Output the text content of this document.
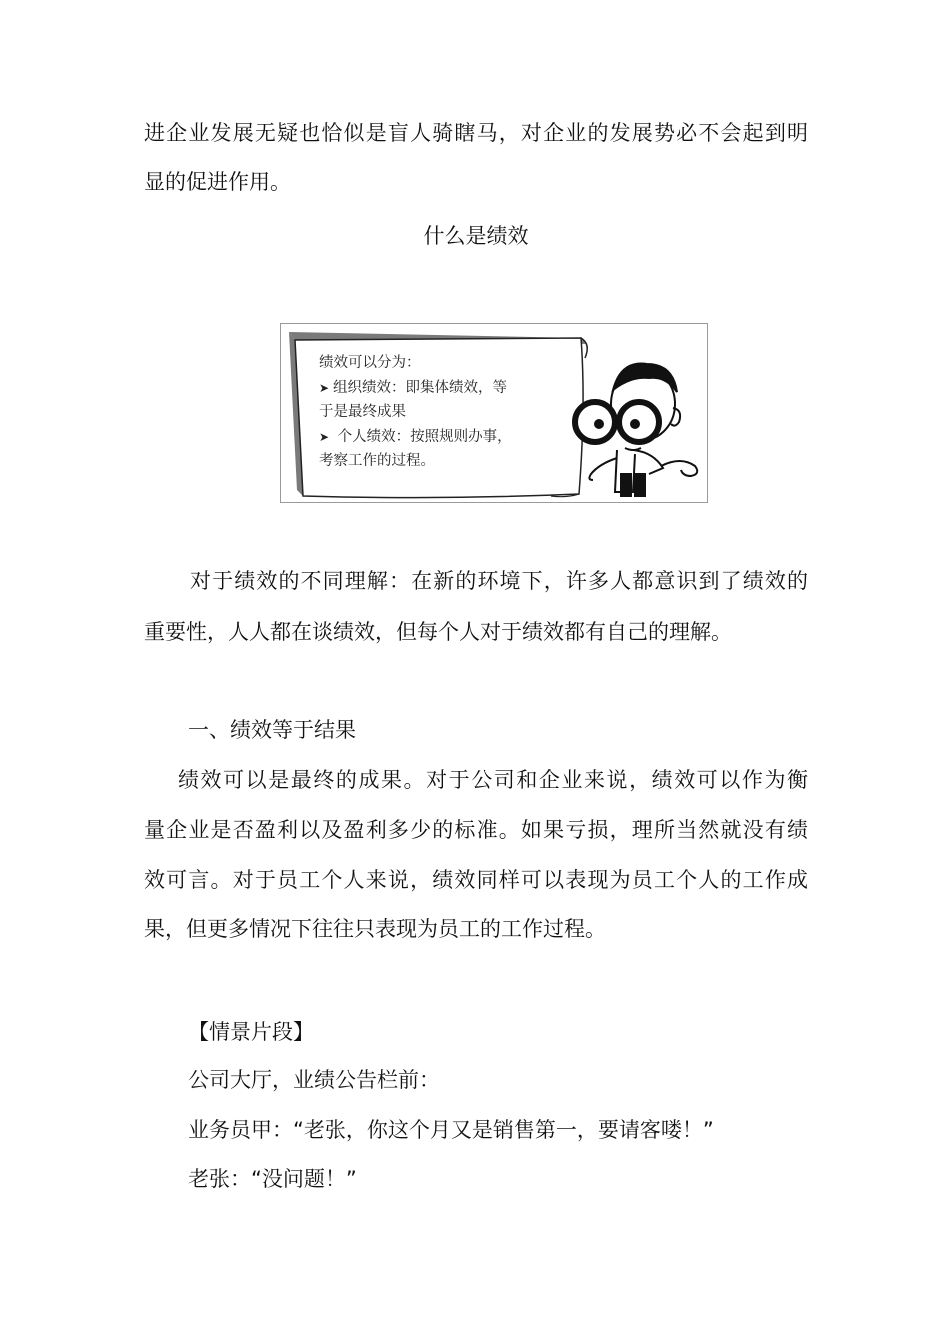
进企业发展无疑也恰似是盲人骑瞎马，对企业的发展势必不会起到明
显的促进作用。
什么是绩效
绩效可以分为：
➤ 组织绩效：即集体绩效，等
于是最终成果
➤ 个人绩效：按照规则办事，
考察工作的过程。
对于绩效的不同理解：在新的环境下，许多人都意识到了绩效的
重要性，人人都在谈绩效，但每个人对于绩效都有自己的理解。
一、绩效等于结果
绩效可以是最终的成果。对于公司和企业来说，绩效可以作为衡
量企业是否盈利以及盈利多少的标准。如果亏损，理所当然就没有绩
效可言。对于员工个人来说，绩效同样可以表现为员工个人的工作成
果，但更多情况下往往只表现为员工的工作过程。
【情景片段】
公司大厅，业绩公告栏前：
业务员甲：“老张，你这个月又是销售第一，要请客喽！”
老张：“没问题！”
